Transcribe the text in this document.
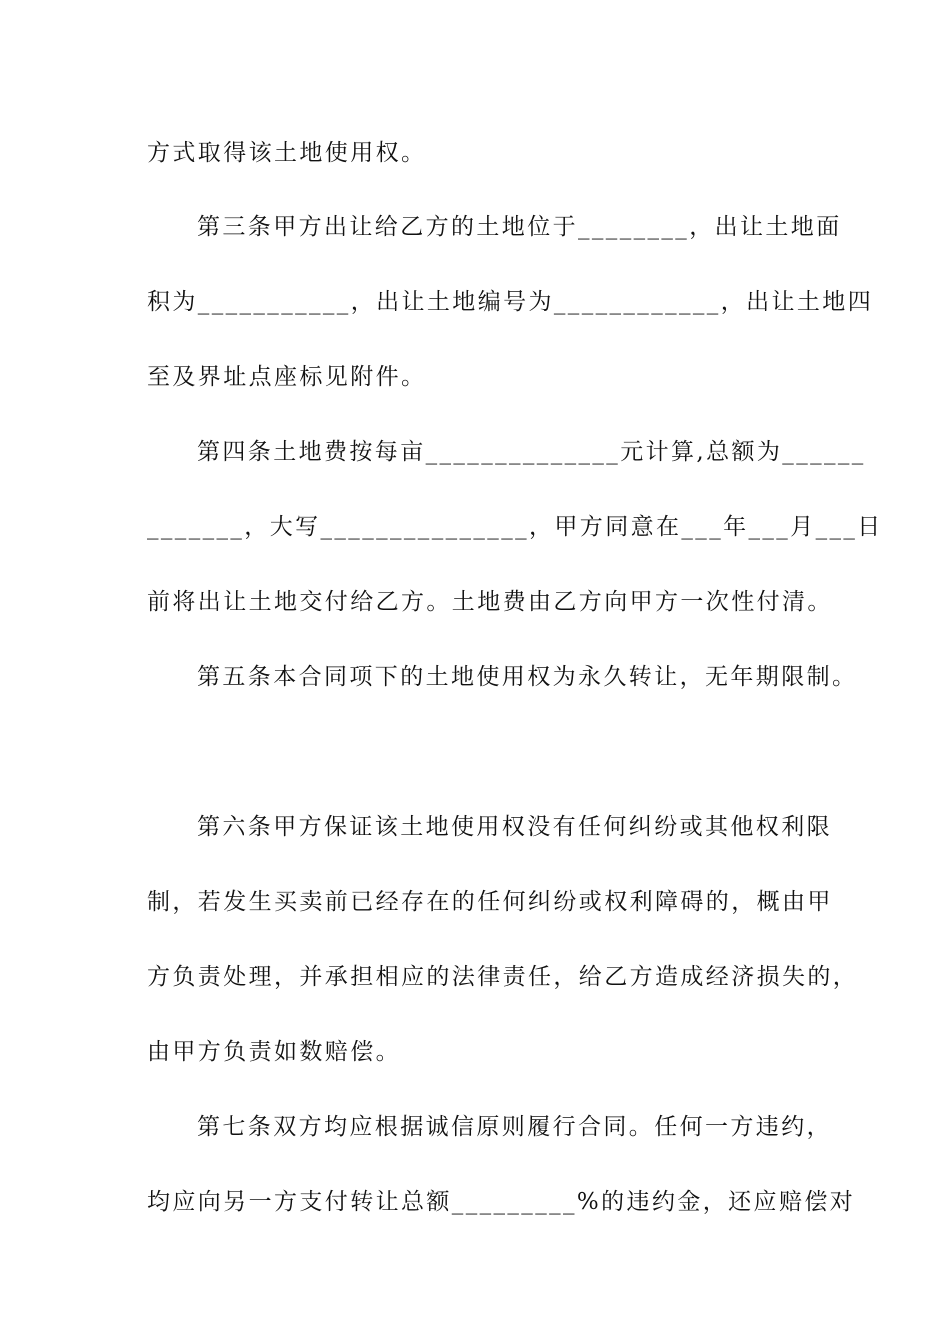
方式取得该土地使用权。
第三条甲方出让给乙方的土地位于________，出让土地面
积为___________，出让土地编号为____________，出让土地四
至及界址点座标见附件。
第四条土地费按每亩______________元计算,总额为______
_______，大写_______________，甲方同意在___年___月___日
前将出让土地交付给乙方。土地费由乙方向甲方一次性付清。
第五条本合同项下的土地使用权为永久转让，无年期限制。
第六条甲方保证该土地使用权没有任何纠纷或其他权利限
制，若发生买卖前已经存在的任何纠纷或权利障碍的，概由甲
方负责处理，并承担相应的法律责任，给乙方造成经济损失的，
由甲方负责如数赔偿。
第七条双方均应根据诚信原则履行合同。任何一方违约，
均应向另一方支付转让总额_________%的违约金，还应赔偿对
